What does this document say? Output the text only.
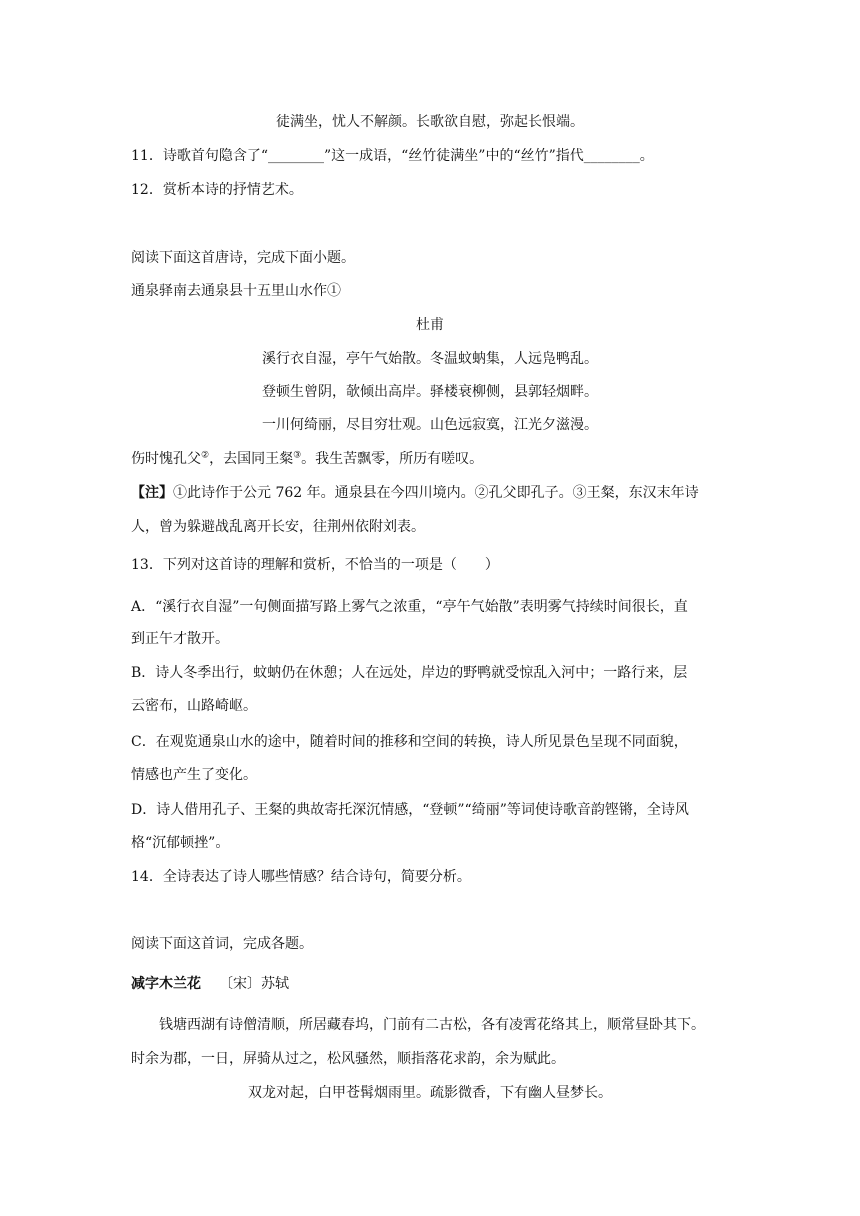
徒满坐，忧人不解颜。长歌欲自慰，弥起长恨端。

11．诗歌首句隐含了“________”这一成语，“丝竹徒满坐”中的“丝竹”指代________。

12．赏析本诗的抒情艺术。

阅读下面这首唐诗，完成下面小题。

通泉驿南去通泉县十五里山水作①

杜甫

溪行衣自湿，亭午气始散。冬温蚊蚋集，人远凫鸭乱。

登顿生曾阴，欹倾出高岸。驿楼衰柳侧，县郭轻烟畔。

一川何绮丽，尽目穷壮观。山色远寂寞，江光夕滋漫。

伤时愧孔父②，去国同王粲③。我生苦飘零，所历有嗟叹。

【注】①此诗作于公元 762 年。通泉县在今四川境内。②孔父即孔子。③王粲，东汉末年诗

人，曾为躲避战乱离开长安，往荆州依附刘表。

13．下列对这首诗的理解和赏析，不恰当的一项是（　　）

A．“溪行衣自湿”一句侧面描写路上雾气之浓重，“亭午气始散”表明雾气持续时间很长，直

到正午才散开。

B．诗人冬季出行，蚊蚋仍在休憩；人在远处，岸边的野鸭就受惊乱入河中；一路行来，层

云密布，山路崎岖。

C．在观览通泉山水的途中，随着时间的推移和空间的转换，诗人所见景色呈现不同面貌，

情感也产生了变化。

D．诗人借用孔子、王粲的典故寄托深沉情感，“登顿”“绮丽”等词使诗歌音韵铿锵，全诗风

格“沉郁顿挫”。

14．全诗表达了诗人哪些情感？结合诗句，简要分析。

阅读下面这首词，完成各题。

减字木兰花 〔宋〕苏轼

钱塘西湖有诗僧清顺，所居藏春坞，门前有二古松，各有凌霄花络其上，顺常昼卧其下。

时余为郡，一日，屏骑从过之，松风骚然，顺指落花求韵，余为赋此。

双龙对起，白甲苍髯烟雨里。疏影微香，下有幽人昼梦长。
